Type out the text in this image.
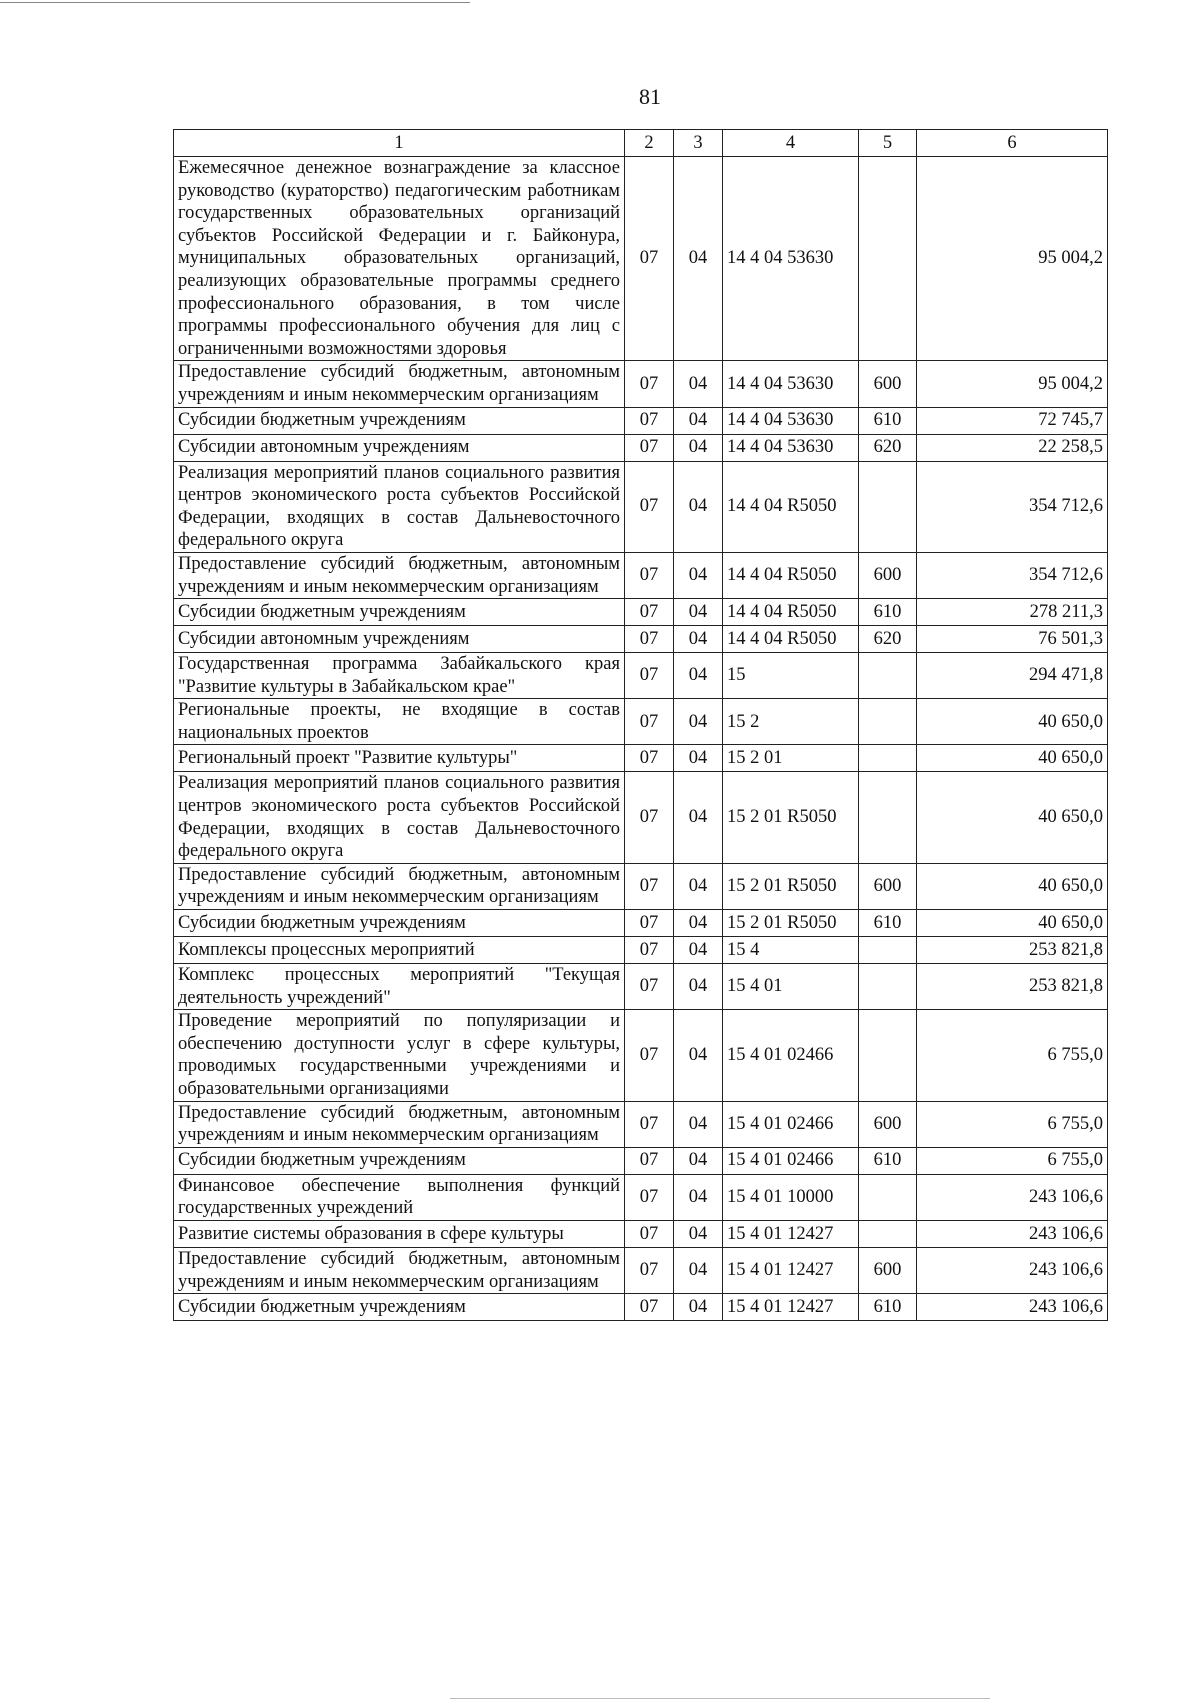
81
1	2	3	4	5	6
Ежемесячное денежное вознаграждение за классное руководство (кураторство) педагогическим работникам государственных образовательных организаций субъектов Российской Федерации и г. Байконура, муниципальных образовательных организаций, реализующих образовательные программы среднего профессионального образования, в том числе программы профессионального обучения для лиц с ограниченными возможностями здоровья	07	04	14 4 04 53630		95 004,2
Предоставление субсидий бюджетным, автономным учреждениям и иным некоммерческим организациям	07	04	14 4 04 53630	600	95 004,2
Субсидии бюджетным учреждениям	07	04	14 4 04 53630	610	72 745,7
Субсидии автономным учреждениям	07	04	14 4 04 53630	620	22 258,5
Реализация мероприятий планов социального развития центров экономического роста субъектов Российской Федерации, входящих в состав Дальневосточного федерального округа	07	04	14 4 04 R5050		354 712,6
Предоставление субсидий бюджетным, автономным учреждениям и иным некоммерческим организациям	07	04	14 4 04 R5050	600	354 712,6
Субсидии бюджетным учреждениям	07	04	14 4 04 R5050	610	278 211,3
Субсидии автономным учреждениям	07	04	14 4 04 R5050	620	76 501,3
Государственная программа Забайкальского края "Развитие культуры в Забайкальском крае"	07	04	15		294 471,8
Региональные проекты, не входящие в состав национальных проектов	07	04	15 2		40 650,0
Региональный проект "Развитие культуры"	07	04	15 2 01		40 650,0
Реализация мероприятий планов социального развития центров экономического роста субъектов Российской Федерации, входящих в состав Дальневосточного федерального округа	07	04	15 2 01 R5050		40 650,0
Предоставление субсидий бюджетным, автономным учреждениям и иным некоммерческим организациям	07	04	15 2 01 R5050	600	40 650,0
Субсидии бюджетным учреждениям	07	04	15 2 01 R5050	610	40 650,0
Комплексы процессных мероприятий	07	04	15 4		253 821,8
Комплекс процессных мероприятий "Текущая деятельность учреждений"	07	04	15 4 01		253 821,8
Проведение мероприятий по популяризации и обеспечению доступности услуг в сфере культуры, проводимых государственными учреждениями и образовательными организациями	07	04	15 4 01 02466		6 755,0
Предоставление субсидий бюджетным, автономным учреждениям и иным некоммерческим организациям	07	04	15 4 01 02466	600	6 755,0
Субсидии бюджетным учреждениям	07	04	15 4 01 02466	610	6 755,0
Финансовое обеспечение выполнения функций государственных учреждений	07	04	15 4 01 10000		243 106,6
Развитие системы образования в сфере культуры	07	04	15 4 01 12427		243 106,6
Предоставление субсидий бюджетным, автономным учреждениям и иным некоммерческим организациям	07	04	15 4 01 12427	600	243 106,6
Субсидии бюджетным учреждениям	07	04	15 4 01 12427	610	243 106,6
